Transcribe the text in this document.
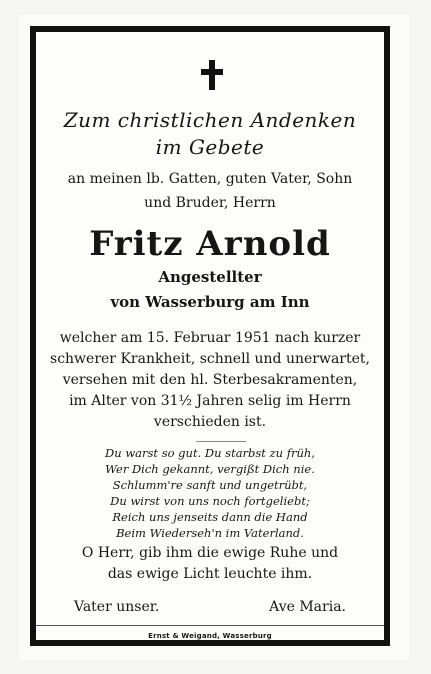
Zum christlichen Andenken
im Gebete
an meinen lb. Gatten, guten Vater, Sohn
und Bruder, Herrn
Fritz Arnold
Angestellter
von Wasserburg am Inn
welcher am 15. Februar 1951 nach kurzer
schwerer Krankheit, schnell und unerwartet,
versehen mit den hl. Sterbesakramenten,
im Alter von 31½ Jahren selig im Herrn
verschieden ist.
Du warst so gut. Du starbst zu früh,
Wer Dich gekannt, vergißt Dich nie.
Schlumm're sanft und ungetrübt,
Du wirst von uns noch fortgeliebt;
Reich uns jenseits dann die Hand
Beim Wiederseh'n im Vaterland.
O Herr, gib ihm die ewige Ruhe und
das ewige Licht leuchte ihm.
Vater unser.	Ave Maria.
Ernst & Weigand, Wasserburg
